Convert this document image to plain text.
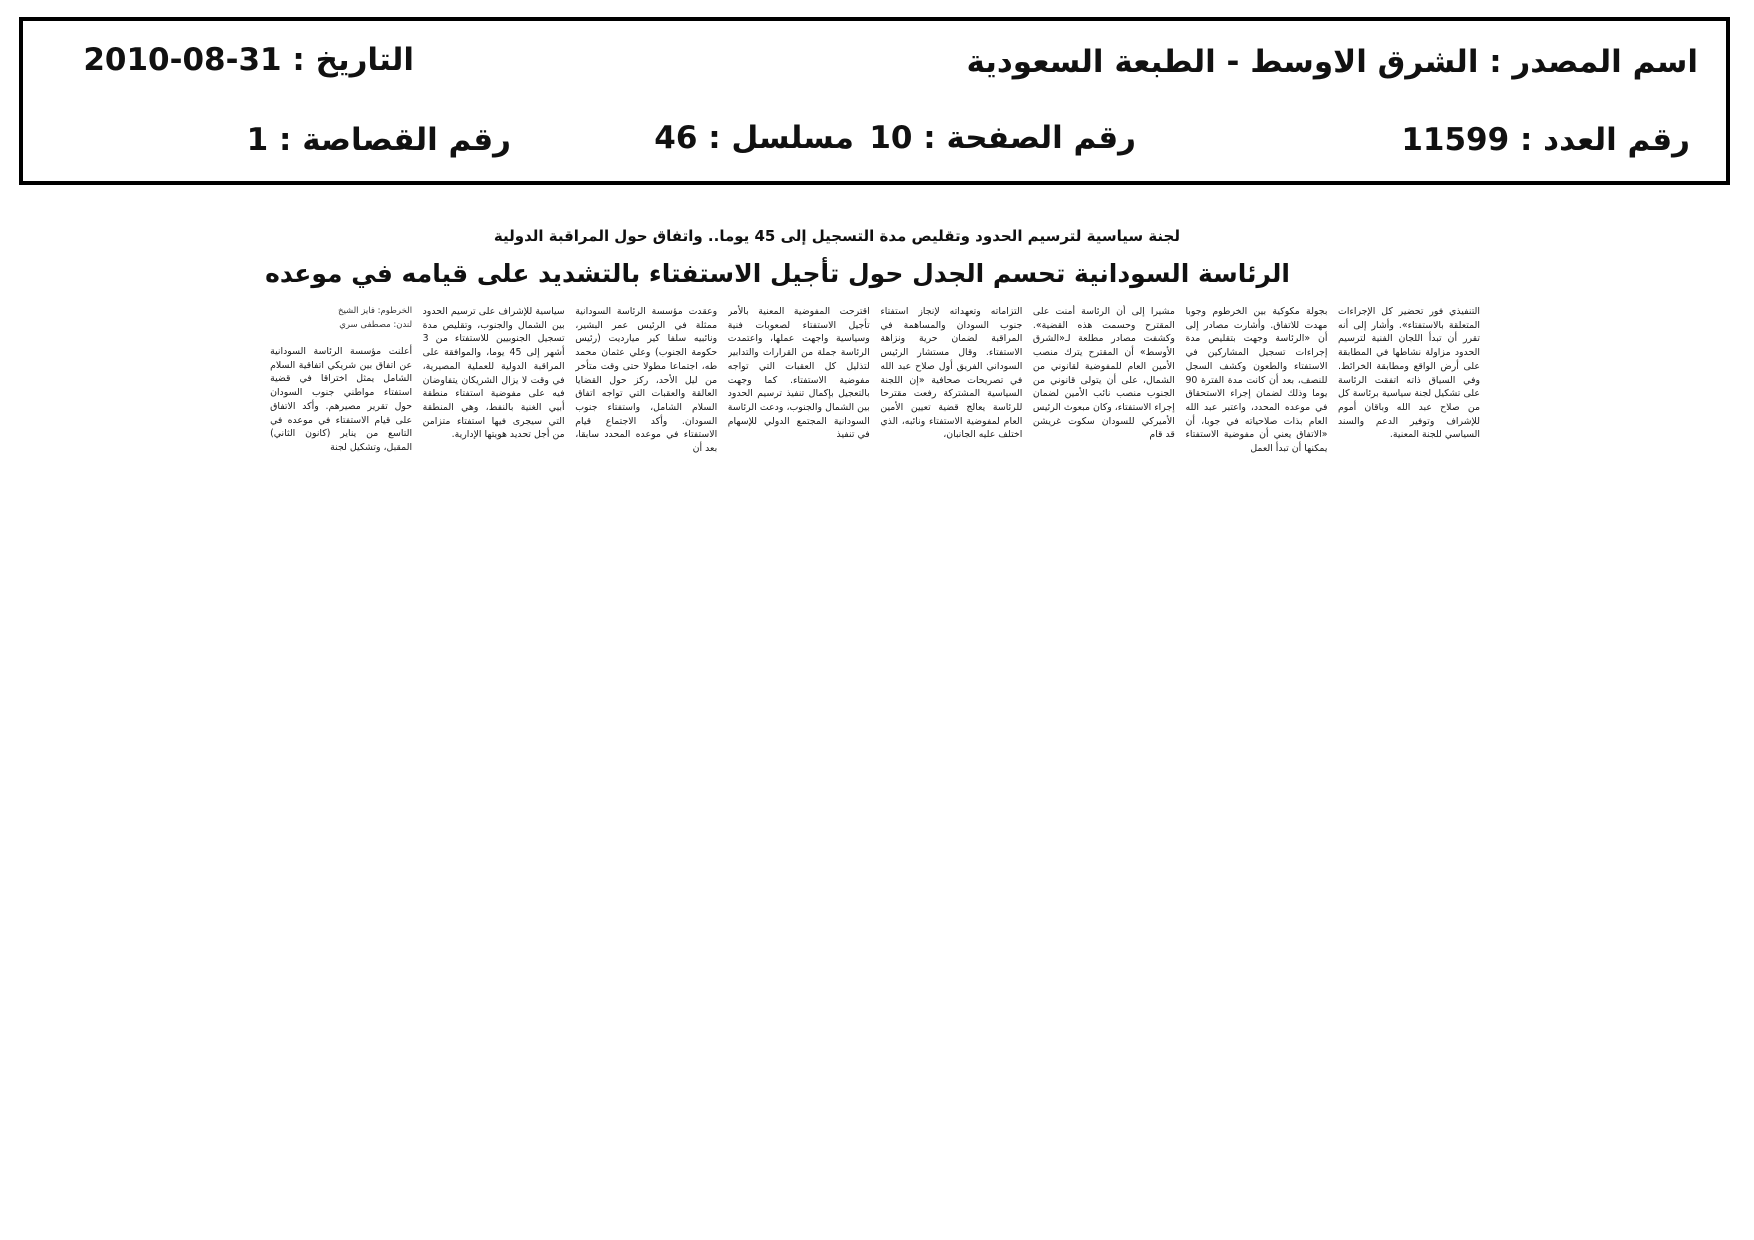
اسم المصدر : الشرق الاوسط - الطبعة السعودية
التاريخ : 31-08-2010
رقم العدد : 11599
رقم الصفحة : 10
مسلسل : 46
رقم القصاصة : 1
لجنة سياسية لترسيم الحدود وتقليص مدة التسجيل إلى 45 يوما.. واتفاق حول المراقبة الدولية
الرئاسة السودانية تحسم الجدل حول تأجيل الاستفتاء بالتشديد على قيامه في موعده

الخرطوم: فايز الشيخ

لندن: مصطفى سري

أعلنت مؤسسة الرئاسة السودانية عن اتفاق بين شريكي اتفاقية السلام الشامل يمثل اختراقا في قضية استفتاء مواطني جنوب السودان حول تقرير مصيرهم. وأكد الاتفاق على قيام الاستفتاء في موعده في التاسع من يناير (كانون الثاني) المقبل، وتشكيل لجنة

سياسية للإشراف على ترسيم الحدود بين الشمال والجنوب، وتقليص مدة تسجيل الجنوبيين للاستفتاء من 3 أشهر إلى 45 يوما، والموافقة على المراقبة الدولية للعملية المصيرية، في وقت لا يزال الشريكان يتفاوضان فيه على مفوضية استفتاء منطقة أبيي الغنية بالنفط، وهي المنطقة التي سيجرى فيها استفتاء متزامن من أجل تحديد هويتها الإدارية.

وعقدت مؤسسة الرئاسة السودانية ممثلة في الرئيس عمر البشير، ونائبيه سلفا كير ميارديت (رئيس حكومة الجنوب) وعلي عثمان محمد طه، اجتماعا مطولا حتى وقت متأخر من ليل الأحد، ركز حول القضايا العالقة والعقبات التي تواجه اتفاق السلام الشامل، واستفتاء جنوب السودان. وأكد الاجتماع قيام الاستفتاء في موعده المحدد سابقا، بعد أن

اقترحت المفوضية المعنية بالأمر تأجيل الاستفتاء لصعوبات فنية وسياسية واجهت عملها، واعتمدت الرئاسة جملة من القرارات والتدابير لتذليل كل العقبات التي تواجه مفوضية الاستفتاء. كما وجهت بالتعجيل بإكمال تنفيذ ترسيم الحدود بين الشمال والجنوب، ودعت الرئاسة السودانية المجتمع الدولي للإسهام في تنفيذ

التزاماته وتعهداته لإنجاز استفتاء جنوب السودان والمساهمة في المراقبة لضمان حرية ونزاهة الاستفتاء. وقال مستشار الرئيس السوداني الفريق أول صلاح عبد الله في تصريحات صحافية «إن اللجنة السياسية المشتركة رفعت مقترحا للرئاسة يعالج قضية تعيين الأمين العام لمفوضية الاستفتاء ونائبه، الذي اختلف عليه الجانبان،

مشيرا إلى أن الرئاسة أمنت على المقترح وحسمت هذه القضية». وكشفت مصادر مطلعة لـ«الشرق الأوسط» أن المقترح يترك منصب الأمين العام للمفوضية لقانوني من الشمال، على أن يتولى قانوني من الجنوب منصب نائب الأمين لضمان إجراء الاستفتاء، وكان مبعوث الرئيس الأميركي للسودان سكوت غريشن قد قام

بجولة مكوكية بين الخرطوم وجوبا مهدت للاتفاق. وأشارت مصادر إلى أن «الرئاسة وجهت بتقليص مدة إجراءات تسجيل المشاركين في الاستفتاء والطعون وكشف السجل للنصف، بعد أن كانت مدة الفترة 90 يوما وذلك لضمان إجراء الاستحقاق في موعده المحدد، واعتبر عبد الله العام بذات صلاحياته في جوبا، أن «الاتفاق يعني أن مفوضية الاستفتاء يمكنها أن تبدأ العمل

التنفيذي فور تحضير كل الإجراءات المتعلقة بالاستفتاء». وأشار إلى أنه تقرر أن تبدأ اللجان الفنية لترسيم الحدود مزاولة نشاطها في المطابقة على أرض الواقع ومطابقة الخرائط. وفي السياق ذاته اتفقت الرئاسة على تشكيل لجنة سياسية برئاسة كل من صلاح عبد الله وباقان أموم للإشراف وتوفير الدعم والسند السياسي للجنة المعنية.
